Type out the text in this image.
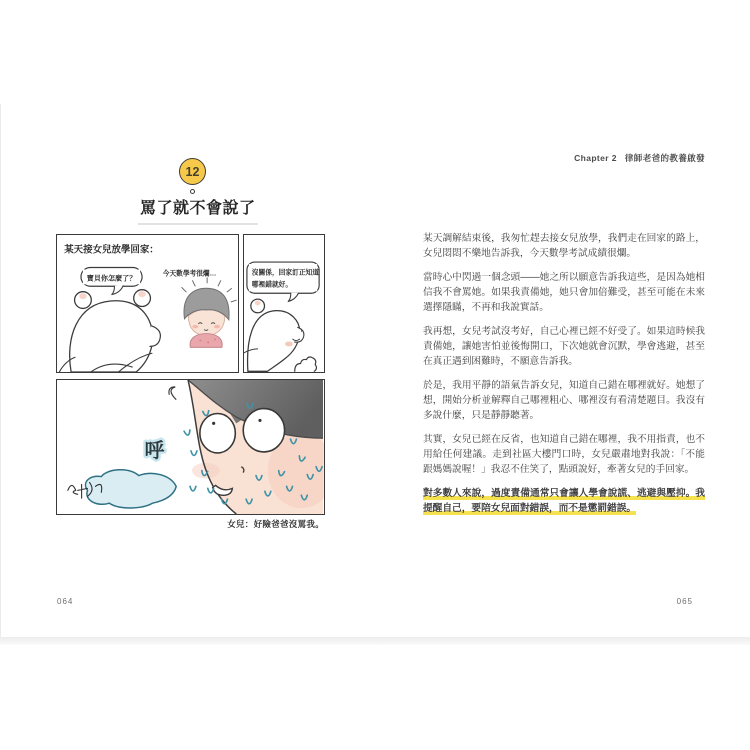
Chapter 2 律師老爸的教養啟發
12
罵了就不會說了
某天接女兒放學回家：
寶貝你怎麼了？
今天數學考很爛…	沒關係，回家訂正知道
哪裡錯就好。
呼
女兒：好險爸爸沒罵我。

某天調解結束後，我匆忙趕去接女兒放學，我們走在回家的路上，女兒悶悶不樂地告訴我，今天數學考試成績很爛。

當時心中閃過一個念頭——她之所以願意告訴我這些，是因為她相信我不會罵她。如果我責備她，她只會加倍難受，甚至可能在未來選擇隱瞞，不再和我說實話。

我再想，女兒考試沒考好，自己心裡已經不好受了。如果這時候我責備她，讓她害怕並後悔開口，下次她就會沉默，學會逃避，甚至在真正遇到困難時，不願意告訴我。

於是，我用平靜的語氣告訴女兒，知道自己錯在哪裡就好。她想了想，開始分析並解釋自己哪裡粗心、哪裡沒有看清楚題目。我沒有多說什麼，只是靜靜聽著。

其實，女兒已經在反省，也知道自己錯在哪裡，我不用指責，也不用給任何建議。走到社區大樓門口時，女兒嚴肅地對我說：「不能跟媽媽說喔！」我忍不住笑了，點頭說好，牽著女兒的手回家。

對多數人來說，過度責備通常只會讓人學會說謊、逃避與壓抑。我提醒自己，要陪女兒面對錯誤，而不是懲罰錯誤。

064	065
